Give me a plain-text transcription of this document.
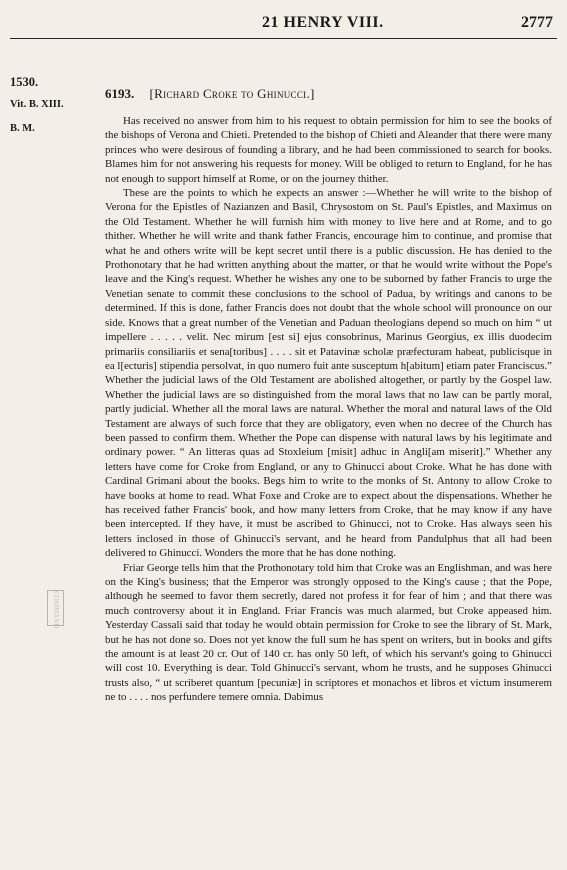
21 HENRY VIII.	2777
1530.
Vit. B. XIII.
B. M.
6193. [Richard Croke to Ghinucci.]
COMMAND

Has received no answer from him to his request to obtain permission for him to see the books of the bishops of Verona and Chieti. Pretended to the bishop of Chieti and Aleander that there were many princes who were desirous of founding a library, and he had been commissioned to search for books. Blames him for not answering his requests for money. Will be obliged to return to England, for he has not enough to support himself at Rome, or on the journey thither.

These are the points to which he expects an answer :—Whether he will write to the bishop of Verona for the Epistles of Nazianzen and Basil, Chrysostom on St. Paul's Epistles, and Maximus on the Old Testament. Whether he will furnish him with money to live here and at Rome, and to go thither. Whether he will write and thank father Francis, encourage him to continue, and promise that what he and others write will be kept secret until there is a public discussion. He has denied to the Prothonotary that he had written anything about the matter, or that he would write without the Pope's leave and the King's request. Whether he wishes any one to be suborned by father Francis to urge the Venetian senate to commit these conclusions to the school of Padua, by writings and canons to be determined. If this is done, father Francis does not doubt that the whole school will pronounce on our side. Knows that a great number of the Venetian and Paduan theologians depend so much on him “ ut impellere . . . . . velit. Nec mirum [est si] ejus consobrinus, Marinus Georgius, ex illis duodecim primariis consiliariis et sena[toribus] . . . . sit et Patavinæ scholæ præfecturam habeat, publicisque in ea l[ecturis] stipendia persolvat, in quo numero fuit ante susceptum h[abitum] etiam pater Franciscus.” Whether the judicial laws of the Old Testament are abolished altogether, or partly by the Gospel law. Whether the judicial laws are so distinguished from the moral laws that no law can be partly moral, partly judicial. Whether all the moral laws are natural. Whether the moral and natural laws of the Old Testament are always of such force that they are obligatory, even when no decree of the Church has been passed to confirm them. Whether the Pope can dispense with natural laws by his legitimate and ordinary power. “ An litteras quas ad Stoxleium [misit] adhuc in Angli[am miserit].” Whether any letters have come for Croke from England, or any to Ghinucci about Croke. What he has done with Cardinal Grimani about the books. Begs him to write to the monks of St. Antony to allow Croke to have books at home to read. What Foxe and Croke are to expect about the dispensations. Whether he has received father Francis' book, and how many letters from Croke, that he may know if any have been intercepted. If they have, it must be ascribed to Ghinucci, not to Croke. Has always seen his letters inclosed in those of Ghinucci's servant, and he heard from Pandulphus that all had been delivered to Ghinucci. Wonders the more that he has done nothing.

Friar George tells him that the Prothonotary told him that Croke was an Englishman, and was here on the King's business; that the Emperor was strongly opposed to the King's cause ; that the Pope, although he seemed to favor them secretly, dared not profess it for fear of him ; and that there was much controversy about it in England. Friar Francis was much alarmed, but Croke appeased him. Yesterday Cassali said that today he would obtain permission for Croke to see the library of St. Mark, but he has not done so. Does not yet know the full sum he has spent on writers, but in books and gifts the amount is at least 20 cr. Out of 140 cr. has only 50 left, of which his servant's going to Ghinucci will cost 10. Everything is dear. Told Ghinucci's servant, whom he trusts, and he supposes Ghinucci trusts also, “ ut scriberet quantum [pecuniæ] in scriptores et monachos et libros et victum insumerem ne to . . . . nos perfundere temere omnia. Dabimus
